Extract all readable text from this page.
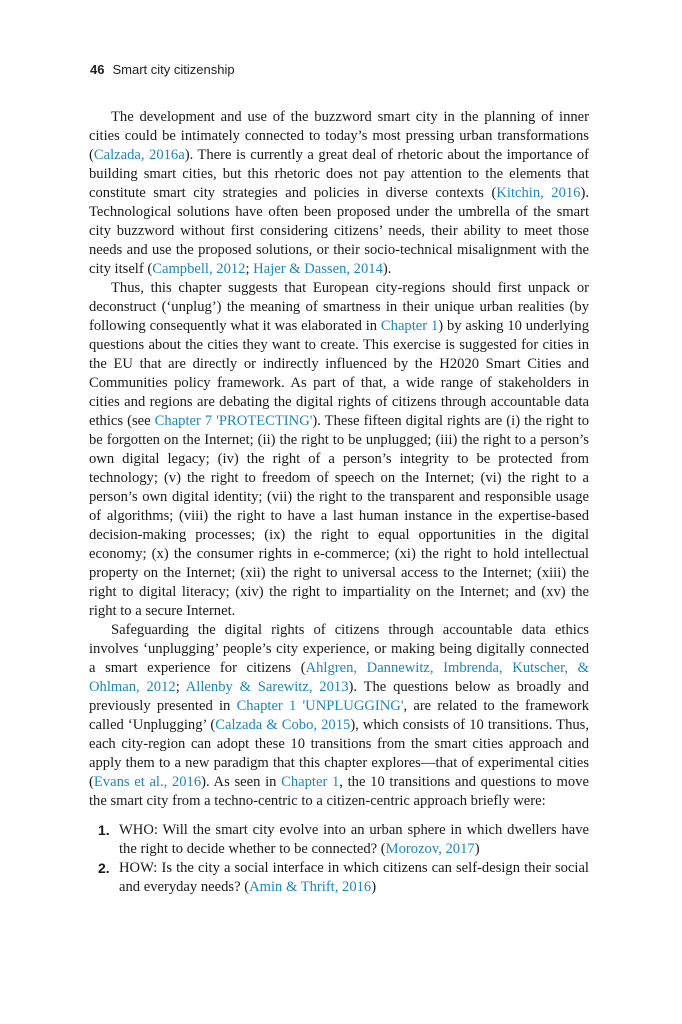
46 Smart city citizenship

The development and use of the buzzword smart city in the planning of inner cities could be intimately connected to today’s most pressing urban transformations (Calzada, 2016a). There is currently a great deal of rhetoric about the importance of building smart cities, but this rhetoric does not pay attention to the elements that constitute smart city strategies and policies in diverse contexts (Kitchin, 2016). Technological solutions have often been proposed under the umbrella of the smart city buzzword without first considering citizens’ needs, their ability to meet those needs and use the proposed solutions, or their socio-technical misalignment with the city itself (Campbell, 2012; Hajer & Dassen, 2014).

Thus, this chapter suggests that European city-regions should first unpack or deconstruct (‘unplug’) the meaning of smartness in their unique urban realities (by following consequently what it was elaborated in Chapter 1) by asking 10 underlying questions about the cities they want to create. This exercise is suggested for cities in the EU that are directly or indirectly influenced by the H2020 Smart Cities and Communities policy framework. As part of that, a wide range of stakeholders in cities and regions are debating the digital rights of citizens through accountable data ethics (see Chapter 7 'PROTECTING'). These fifteen digital rights are (i) the right to be forgotten on the Internet; (ii) the right to be unplugged; (iii) the right to a person’s own digital legacy; (iv) the right of a person’s integrity to be protected from technology; (v) the right to freedom of speech on the Internet; (vi) the right to a person’s own digital identity; (vii) the right to the transparent and responsible usage of algorithms; (viii) the right to have a last human instance in the expertise-based decision-making processes; (ix) the right to equal opportunities in the digital economy; (x) the consumer rights in e-commerce; (xi) the right to hold intellectual property on the Internet; (xii) the right to universal access to the Internet; (xiii) the right to digital literacy; (xiv) the right to impartiality on the Internet; and (xv) the right to a secure Internet.

Safeguarding the digital rights of citizens through accountable data ethics involves ‘unplugging’ people’s city experience, or making being digitally connected a smart experience for citizens (Ahlgren, Dannewitz, Imbrenda, Kutscher, & Ohlman, 2012; Allenby & Sarewitz, 2013). The questions below as broadly and previously presented in Chapter 1 'UNPLUGGING', are related to the framework called ‘Unplugging’ (Calzada & Cobo, 2015), which consists of 10 transitions. Thus, each city-region can adopt these 10 transitions from the smart cities approach and apply them to a new paradigm that this chapter explores—that of experimental cities (Evans et al., 2016). As seen in Chapter 1, the 10 transitions and questions to move the smart city from a techno-centric to a citizen-centric approach briefly were:

1. WHO: Will the smart city evolve into an urban sphere in which dwellers have the right to decide whether to be connected? (Morozov, 2017)
2. HOW: Is the city a social interface in which citizens can self-design their social and everyday needs? (Amin & Thrift, 2016)
